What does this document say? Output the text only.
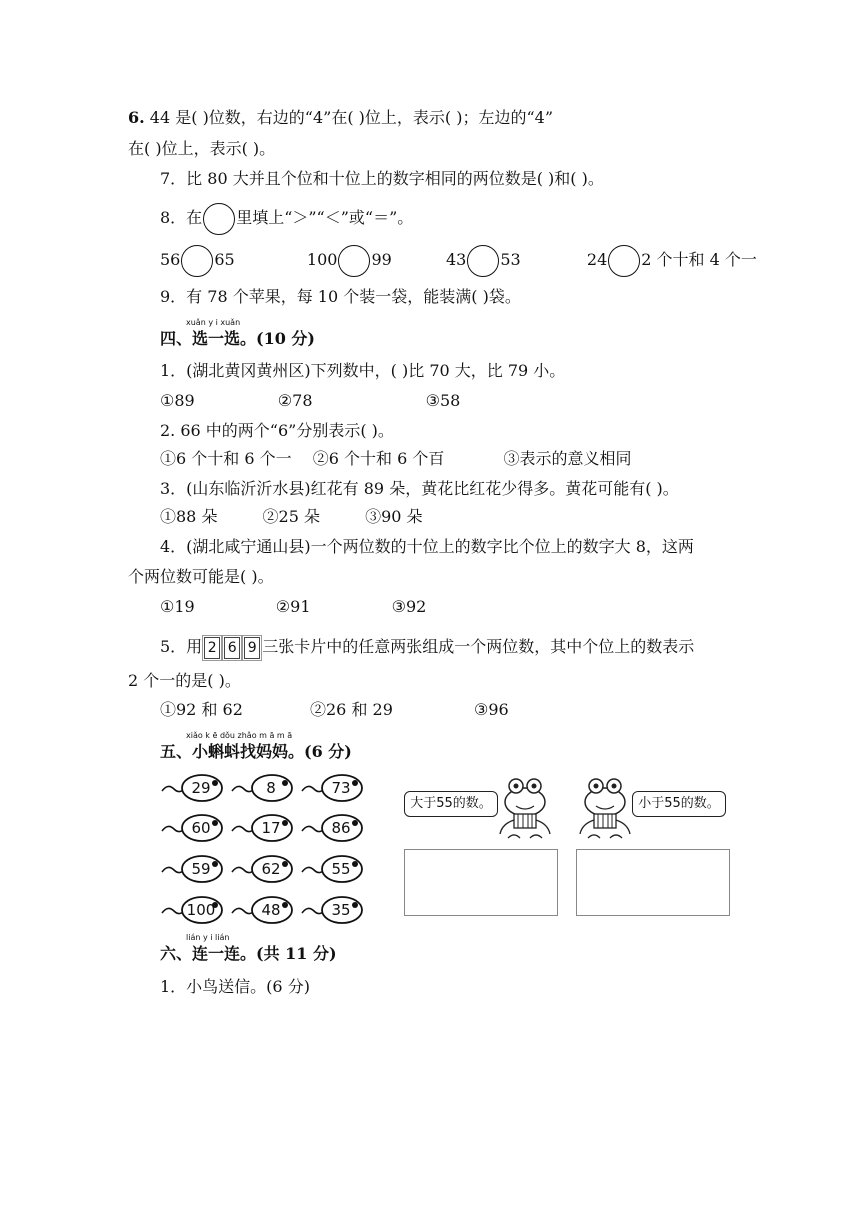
6. 44 是( )位数，右边的“4”在( )位上，表示( )；左边的“4”
在( )位上，表示( )。
7．比 80 大并且个位和十位上的数字相同的两位数是( )和( )。
8．在 里填上“＞”“＜”或“＝”。
56 65	100 99	43 53	24 2 个十和 4 个一
9．有 78 个苹果，每 10 个装一袋，能装满( )袋。
xuǎn y i xuǎn
四、选一选。(10 分)
1．(湖北黄冈黄州区)下列数中，( )比 70 大，比 79 小。
①89	②78	③58
2. 66 中的两个“6”分别表示( )。
①6 个十和 6 个一 ②6 个十和 6 个百	③表示的意义相同
3．(山东临沂沂水县)红花有 89 朵，黄花比红花少得多。黄花可能有( )。
①88 朵	②25 朵	③90 朵
4．(湖北咸宁通山县)一个两位数的十位上的数字比个位上的数字大 8，这两
个两位数可能是( )。
①19	②91	③92
5．用 2 6 9 三张卡片中的任意两张组成一个两位数，其中个位上的数表示
2 个一的是( )。
①92 和 62	②26 和 29	③96
xiǎo k ē dǒu zhǎo m ā m ā
五、小蝌蚪找妈妈。(6 分)
29	8	73
60	17	86
59	62	55
100	48	35
大于55的数。	小于55的数。
lián y i lián
六、连一连。(共 11 分)
1．小鸟送信。(6 分)
